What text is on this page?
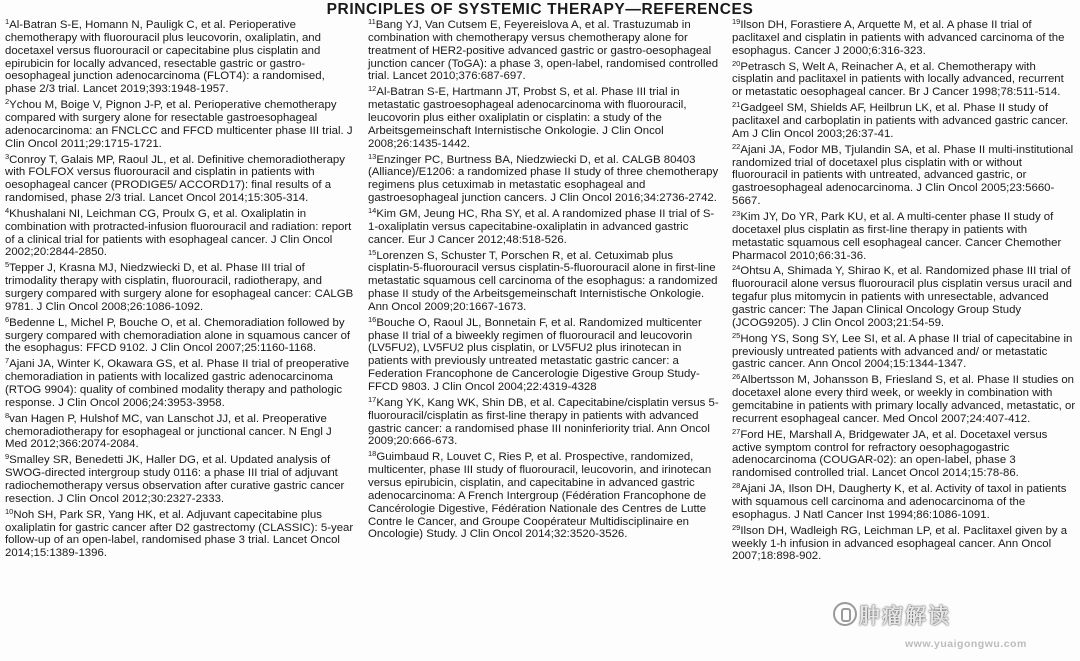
PRINCIPLES OF SYSTEMIC THERAPY—REFERENCES
$^1$Al-Batran S-E, Homann N, Pauligk C, et al. Perioperative chemotherapy with fluorouracil plus leucovorin, oxaliplatin, and docetaxel versus fluorouracil or capecitabine plus cisplatin and epirubicin for locally advanced, resectable gastric or gastro-oesophageal junction adenocarcinoma (FLOT4): a randomised, phase 2/3 trial. Lancet 2019;393:1948-1957.
$^2$Ychou M, Boige V, Pignon J-P, et al. Perioperative chemotherapy compared with surgery alone for resectable gastroesophageal adenocarcinoma: an FNCLCC and FFCD multicenter phase III trial. J Clin Oncol 2011;29:1715-1721.
$^3$Conroy T, Galais MP, Raoul JL, et al. Definitive chemoradiotherapy with FOLFOX versus fluorouracil and cisplatin in patients with oesophageal cancer (PRODIGE5/ ACCORD17): final results of a randomised, phase 2/3 trial. Lancet Oncol 2014;15:305-314.
$^4$Khushalani NI, Leichman CG, Proulx G, et al. Oxaliplatin in combination with protracted-infusion fluorouracil and radiation: report of a clinical trial for patients with esophageal cancer. J Clin Oncol 2002;20:2844-2850.
$^5$Tepper J, Krasna MJ, Niedzwiecki D, et al. Phase III trial of trimodality therapy with cisplatin, fluorouracil, radiotherapy, and surgery compared with surgery alone for esophageal cancer: CALGB 9781. J Clin Oncol 2008;26:1086-1092.
$^6$Bedenne L, Michel P, Bouche O, et al. Chemoradiation followed by surgery compared with chemoradiation alone in squamous cancer of the esophagus: FFCD 9102. J Clin Oncol 2007;25:1160-1168.
$^7$Ajani JA, Winter K, Okawara GS, et al. Phase II trial of preoperative chemoradiation in patients with localized gastric adenocarcinoma (RTOG 9904): quality of combined modality therapy and pathologic response. J Clin Oncol 2006;24:3953-3958.
$^8$van Hagen P, Hulshof MC, van Lanschot JJ, et al. Preoperative chemoradiotherapy for esophageal or junctional cancer. N Engl J Med 2012;366:2074-2084.
$^9$Smalley SR, Benedetti JK, Haller DG, et al. Updated analysis of SWOG-directed intergroup study 0116: a phase III trial of adjuvant radiochemotherapy versus observation after curative gastric cancer resection. J Clin Oncol 2012;30:2327-2333.
$^{10}$Noh SH, Park SR, Yang HK, et al. Adjuvant capecitabine plus oxaliplatin for gastric cancer after D2 gastrectomy (CLASSIC): 5-year follow-up of an open-label, randomised phase 3 trial. Lancet Oncol 2014;15:1389-1396.
$^{11}$Bang YJ, Van Cutsem E, Feyereislova A, et al. Trastuzumab in combination with chemotherapy versus chemotherapy alone for treatment of HER2-positive advanced gastric or gastro-oesophageal junction cancer (ToGA): a phase 3, open-label, randomised controlled trial. Lancet 2010;376:687-697.
$^{12}$Al-Batran S-E, Hartmann JT, Probst S, et al. Phase III trial in metastatic gastroesophageal adenocarcinoma with fluorouracil, leucovorin plus either oxaliplatin or cisplatin: a study of the Arbeitsgemeinschaft Internistische Onkologie. J Clin Oncol 2008;26:1435-1442.
$^{13}$Enzinger PC, Burtness BA, Niedzwiecki D, et al. CALGB 80403 (Alliance)/E1206: a randomized phase II study of three chemotherapy regimens plus cetuximab in metastatic esophageal and gastroesophageal junction cancers. J Clin Oncol 2016;34:2736-2742.
$^{14}$Kim GM, Jeung HC, Rha SY, et al. A randomized phase II trial of S-1-oxaliplatin versus capecitabine-oxaliplatin in advanced gastric cancer. Eur J Cancer 2012;48:518-526.
$^{15}$Lorenzen S, Schuster T, Porschen R, et al. Cetuximab plus cisplatin-5-fluorouracil versus cisplatin-5-fluorouracil alone in first-line metastatic squamous cell carcinoma of the esophagus: a randomized phase II study of the Arbeitsgemeinschaft Internistische Onkologie. Ann Oncol 2009;20:1667-1673.
$^{16}$Bouche O, Raoul JL, Bonnetain F, et al. Randomized multicenter phase II trial of a biweekly regimen of fluorouracil and leucovorin (LV5FU2), LV5FU2 plus cisplatin, or LV5FU2 plus irinotecan in patients with previously untreated metastatic gastric cancer: a Federation Francophone de Cancerologie Digestive Group Study-FFCD 9803. J Clin Oncol 2004;22:4319-4328
$^{17}$Kang YK, Kang WK, Shin DB, et al. Capecitabine/cisplatin versus 5-fluorouracil/cisplatin as first-line therapy in patients with advanced gastric cancer: a randomised phase III noninferiority trial. Ann Oncol 2009;20:666-673.
$^{18}$Guimbaud R, Louvet C, Ries P, et al. Prospective, randomized, multicenter, phase III study of fluorouracil, leucovorin, and irinotecan versus epirubicin, cisplatin, and capecitabine in advanced gastric adenocarcinoma: A French Intergroup (Fédération Francophone de Cancérologie Digestive, Fédération Nationale des Centres de Lutte Contre le Cancer, and Groupe Coopérateur Multidisciplinaire en Oncologie) Study. J Clin Oncol 2014;32:3520-3526.
$^{19}$Ilson DH, Forastiere A, Arquette M, et al. A phase II trial of paclitaxel and cisplatin in patients with advanced carcinoma of the esophagus. Cancer J 2000;6:316-323.
$^{20}$Petrasch S, Welt A, Reinacher A, et al. Chemotherapy with cisplatin and paclitaxel in patients with locally advanced, recurrent or metastatic oesophageal cancer. Br J Cancer 1998;78:511-514.
$^{21}$Gadgeel SM, Shields AF, Heilbrun LK, et al. Phase II study of paclitaxel and carboplatin in patients with advanced gastric cancer. Am J Clin Oncol 2003;26:37-41.
$^{22}$Ajani JA, Fodor MB, Tjulandin SA, et al. Phase II multi-institutional randomized trial of docetaxel plus cisplatin with or without fluorouracil in patients with untreated, advanced gastric, or gastroesophageal adenocarcinoma. J Clin Oncol 2005;23:5660-5667.
$^{23}$Kim JY, Do YR, Park KU, et al. A multi-center phase II study of docetaxel plus cisplatin as first-line therapy in patients with metastatic squamous cell esophageal cancer. Cancer Chemother Pharmacol 2010;66:31-36.
$^{24}$Ohtsu A, Shimada Y, Shirao K, et al. Randomized phase III trial of fluorouracil alone versus fluorouracil plus cisplatin versus uracil and tegafur plus mitomycin in patients with unresectable, advanced gastric cancer: The Japan Clinical Oncology Group Study (JCOG9205). J Clin Oncol 2003;21:54-59.
$^{25}$Hong YS, Song SY, Lee SI, et al. A phase II trial of capecitabine in previously untreated patients with advanced and/ or metastatic gastric cancer. Ann Oncol 2004;15:1344-1347.
$^{26}$Albertsson M, Johansson B, Friesland S, et al. Phase II studies on docetaxel alone every third week, or weekly in combination with gemcitabine in patients with primary locally advanced, metastatic, or recurrent esophageal cancer. Med Oncol 2007;24:407-412.
$^{27}$Ford HE, Marshall A, Bridgewater JA, et al. Docetaxel versus active symptom control for refractory oesophagogastric adenocarcinoma (COUGAR-02): an open-label, phase 3 randomised controlled trial. Lancet Oncol 2014;15:78-86.
$^{28}$Ajani JA, Ilson DH, Daugherty K, et al. Activity of taxol in patients with squamous cell carcinoma and adenocarcinoma of the esophagus. J Natl Cancer Inst 1994;86:1086-1091.
$^{29}$Ilson DH, Wadleigh RG, Leichman LP, et al. Paclitaxel given by a weekly 1-h infusion in advanced esophageal cancer. Ann Oncol 2007;18:898-902.
肿瘤解读
www.yuaigongwu.com
